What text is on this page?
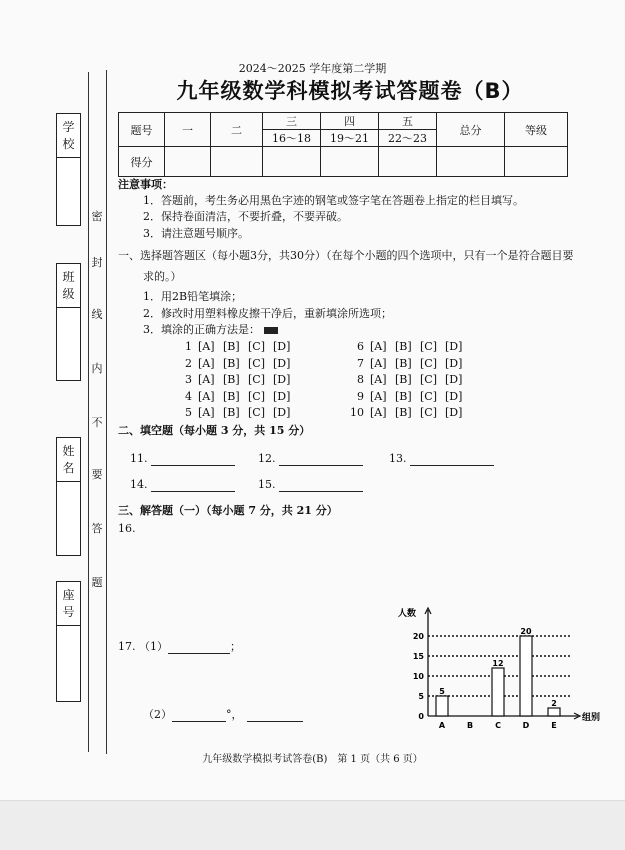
学
校
班
级
姓
名
座
号
密
封
线
内
不
要
答
题
2024～2025 学年度第二学期
九年级数学科模拟考试答题卷（B）
题号	一	二	三	四	五	总分	等级
			16～18	19～21	22～23		
得分							
注意事项：
1．答题前，考生务必用黑色字迹的钢笔或签字笔在答题卷上指定的栏目填写。
2．保持卷面清洁，不要折叠，不要弄破。
3．请注意题号顺序。
一、选择题答题区（每小题3分，共30分）（在每个小题的四个选项中，只有一个是符合题目要
求的。）
1．用2B铅笔填涂；
2．修改时用塑料橡皮擦干净后，重新填涂所选项；
3．填涂的正确方法是：
1 [A] [B] [C] [D]
2 [A] [B] [C] [D]
3 [A] [B] [C] [D]
4 [A] [B] [C] [D]
5 [A] [B] [C] [D]
6 [A] [B] [C] [D]
7 [A] [B] [C] [D]
8 [A] [B] [C] [D]
9 [A] [B] [C] [D]
10 [A] [B] [C] [D]
二、填空题（每小题 3 分，共 15 分）
11.	12.	13.
14.	15.
三、解答题（一）（每小题 7 分，共 21 分）
16.
17. （1）	；
（2）	°，
人数
组别
0
5
10
15
20
A
5
B	C
12
D
20
E
2
九年级数学模拟考试答卷(B)　第 1 页（共 6 页）
